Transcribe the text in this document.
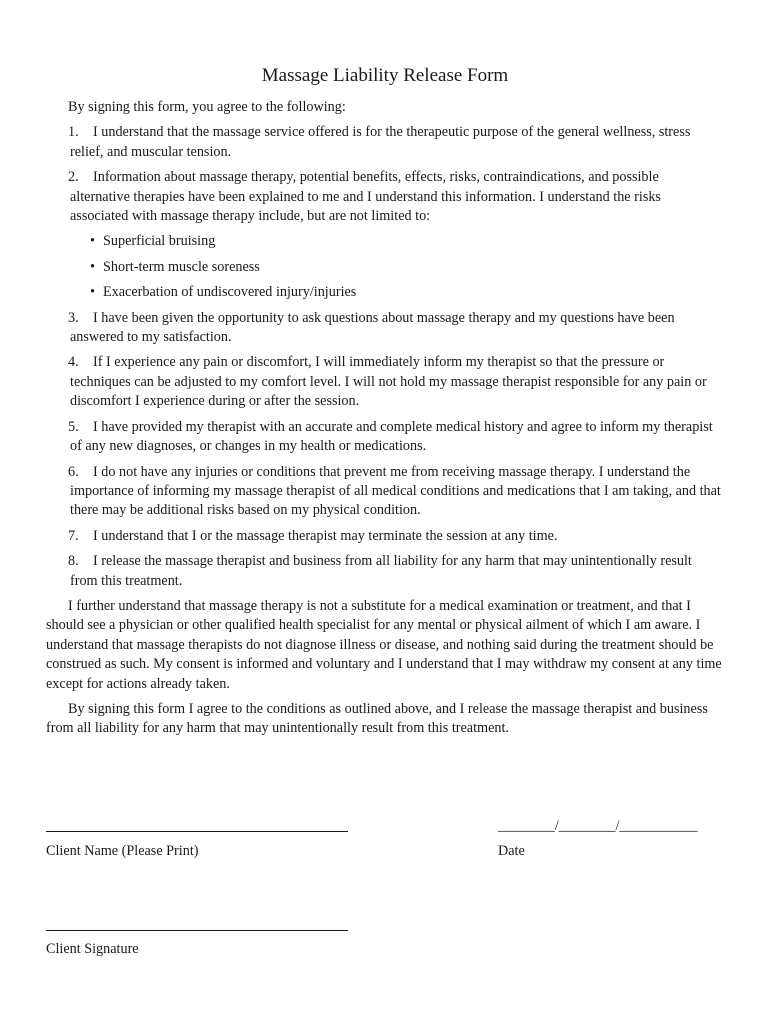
Massage Liability Release Form
By signing this form, you agree to the following:
1. I understand that the massage service offered is for the therapeutic purpose of the general wellness, stress relief, and muscular tension.
2. Information about massage therapy, potential benefits, effects, risks, contraindications, and possible alternative therapies have been explained to me and I understand this information. I understand the risks associated with massage therapy include, but are not limited to:
• Superficial bruising
• Short-term muscle soreness
• Exacerbation of undiscovered injury/injuries
3. I have been given the opportunity to ask questions about massage therapy and my questions have been answered to my satisfaction.
4. If I experience any pain or discomfort, I will immediately inform my therapist so that the pressure or techniques can be adjusted to my comfort level. I will not hold my massage therapist responsible for any pain or discomfort I experience during or after the session.
5. I have provided my therapist with an accurate and complete medical history and agree to inform my therapist of any new diagnoses, or changes in my health or medications.
6. I do not have any injuries or conditions that prevent me from receiving massage therapy. I understand the importance of informing my massage therapist of all medical conditions and medications that I am taking, and that there may be additional risks based on my physical condition.
7. I understand that I or the massage therapist may terminate the session at any time.
8. I release the massage therapist and business from all liability for any harm that may unintentionally result from this treatment.

I further understand that massage therapy is not a substitute for a medical examination or treatment, and that I should see a physician or other qualified health specialist for any mental or physical ailment of which I am aware. I understand that massage therapists do not diagnose illness or disease, and nothing said during the treatment should be construed as such. My consent is informed and voluntary and I understand that I may withdraw my consent at any time except for actions already taken.

By signing this form I agree to the conditions as outlined above, and I release the massage therapist and business from all liability for any harm that may unintentionally result from this treatment.

Client Name (Please Print)
________/________/___________
Date
Client Signature
